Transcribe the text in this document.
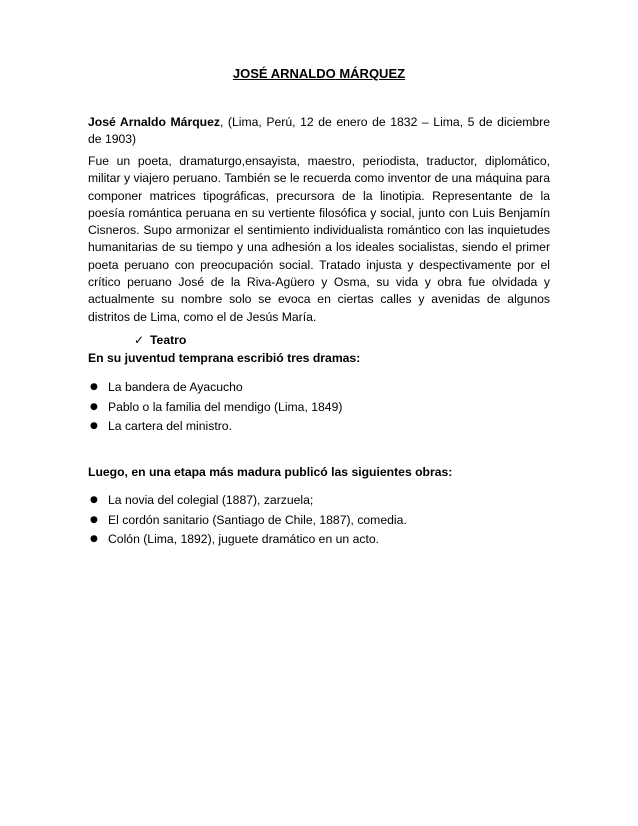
JOSÉ ARNALDO MÁRQUEZ
José Arnaldo Márquez, (Lima, Perú, 12 de enero de 1832 – Lima, 5 de diciembre de 1903)
Fue un poeta, dramaturgo,ensayista, maestro, periodista, traductor, diplomático, militar y viajero peruano. También se le recuerda como inventor de una máquina para componer matrices tipográficas, precursora de la linotipia. Representante de la poesía romántica peruana en su vertiente filosófica y social, junto con Luis Benjamín Cisneros. Supo armonizar el sentimiento individualista romántico con las inquietudes humanitarias de su tiempo y una adhesión a los ideales socialistas, siendo el primer poeta peruano con preocupación social. Tratado injusta y despectivamente por el crítico peruano José de la Riva-Agüero y Osma, su vida y obra fue olvidada y actualmente su nombre solo se evoca en ciertas calles y avenidas de algunos distritos de Lima, como el de Jesús María.
✓ Teatro
En su juventud temprana escribió tres dramas:
● La bandera de Ayacucho
● Pablo o la familia del mendigo (Lima, 1849)
● La cartera del ministro.
Luego, en una etapa más madura publicó las siguientes obras:
● La novia del colegial (1887), zarzuela;
● El cordón sanitario (Santiago de Chile, 1887), comedia.
● Colón (Lima, 1892), juguete dramático en un acto.
